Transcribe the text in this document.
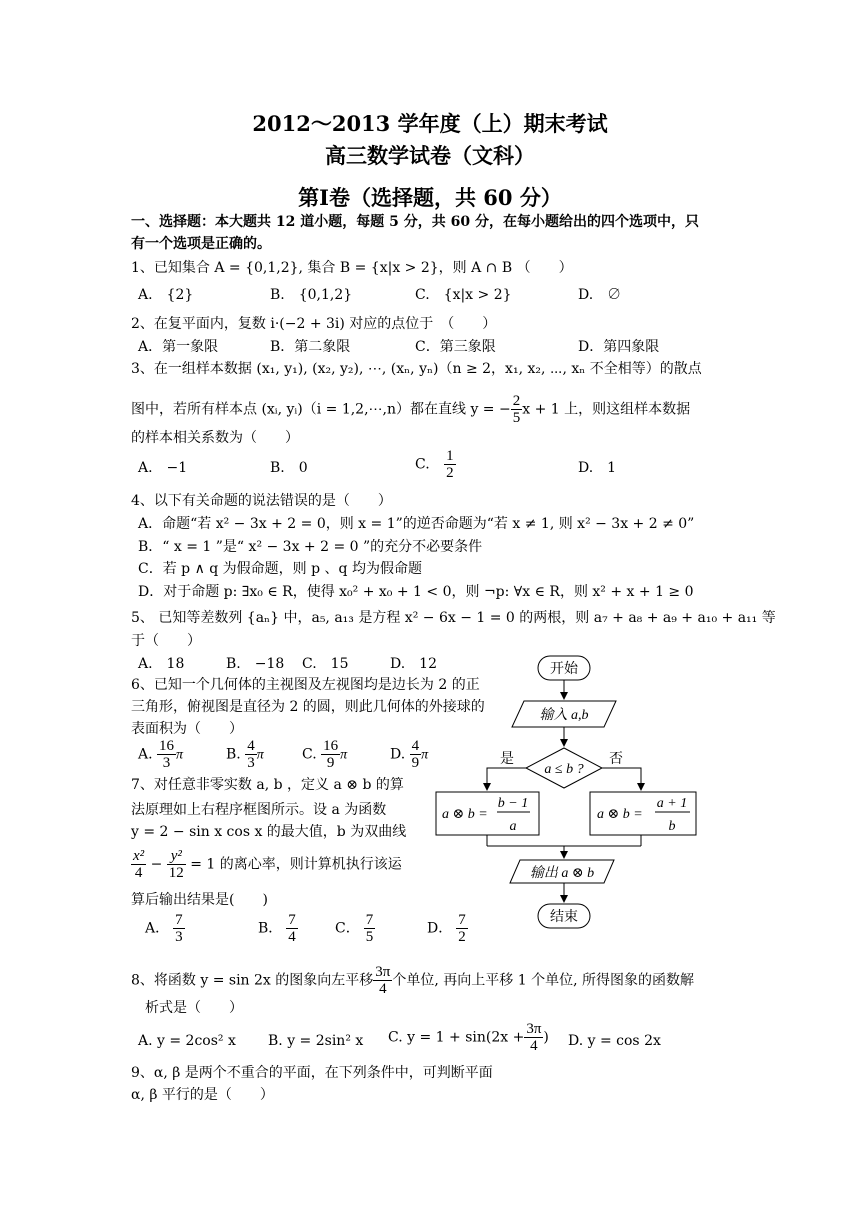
2012～2013 学年度（上）期末考试
高三数学试卷（文科）
第Ⅰ卷（选择题，共 60 分）
一、选择题：本大题共 12 道小题，每题 5 分，共 60 分，在每小题给出的四个选项中，只
有一个选项是正确的。
1、已知集合 A = {0,1,2}, 集合 B = {x|x > 2}，则 A ∩ B （　　）
A.　{2}	B.　{0,1,2}	C.　{x|x > 2}	D.　∅
2、在复平面内，复数 i·(−2 + 3i) 对应的点位于　（　　）
A．第一象限	B．第二象限	C．第三象限	D．第四象限
3、在一组样本数据 (x₁, y₁), (x₂, y₂), ⋯, (xₙ, yₙ)（n ≥ 2，x₁, x₂, ⋯, xₙ 不全相等）的散点
图中，若所有样本点 (xᵢ, yᵢ)（i = 1,2,⋯,n）都在直线 y = − $\frac{2}{5}$ x + 1 上，则这组样本数据
的样本相关系数为（　　）
A.　−1	B.　0	C. $\frac{1}{2}$	D.　1
4、以下有关命题的说法错误的是（　　）
A．命题“若 x² − 3x + 2 = 0，则 x = 1”的逆否命题为“若 x ≠ 1, 则 x² − 3x + 2 ≠ 0”
B．“ x = 1 ”是“ x² − 3x + 2 = 0 ”的充分不必要条件
C．若 p ∧ q 为假命题，则 p 、q 均为假命题
D．对于命题 p: ∃x₀ ∈ R，使得 x₀² + x₀ + 1 < 0，则 ¬p: ∀x ∈ R，则 x² + x + 1 ≥ 0
5、 已知等差数列 {aₙ} 中，a₅, a₁₃ 是方程 x² − 6x − 1 = 0 的两根，则 a₇ + a₈ + a₉ + a₁₀ + a₁₁ 等
于（　　）
A.　18	B.　−18 C.　15	D.　12
6、已知一个几何体的主视图及左视图均是边长为 2 的正
三角形，俯视图是直径为 2 的圆，则此几何体的外接球的
表面积为（　　）
A. $\frac{16}{3}$ π	B. $\frac{4}{3}$ π	C. $\frac{16}{9}$ π	D. $\frac{4}{9}$ π
7、对任意非零实数 a, b ，定义 a ⊗ b 的算
法原理如上右程序框图所示。设 a 为函数
y = 2 − sin x cos x 的最大值，b 为双曲线
$\frac{\text{x²}}{4} - \frac{\text{y²}}{12} = 1$ 的离心率，则计算机执行该运
算后输出结果是(　　)
A． $\frac{7}{3}$	B． $\frac{7}{4}$	C． $\frac{7}{5}$	D． $\frac{7}{2}$
8、将函数 y = sin 2x 的图象向左平移 $\frac{3\pi}{4}$ 个单位, 再向上平移 1 个单位, 所得图象的函数解
析式是（　　）
A. y = 2cos² x B. y = 2sin² x C. $y = 1 + \sin(2x + \frac{3\pi}{4}$ ) D. y = cos 2x
9、α, β 是两个不重合的平面，在下列条件中，可判断平面
α, β 平行的是（　　）
开始
输入 a,b
a ≤ b ?
是	否
a ⊗ b =
b − 1
a
a ⊗ b =
a + 1
b
输出 a ⊗ b
结束
